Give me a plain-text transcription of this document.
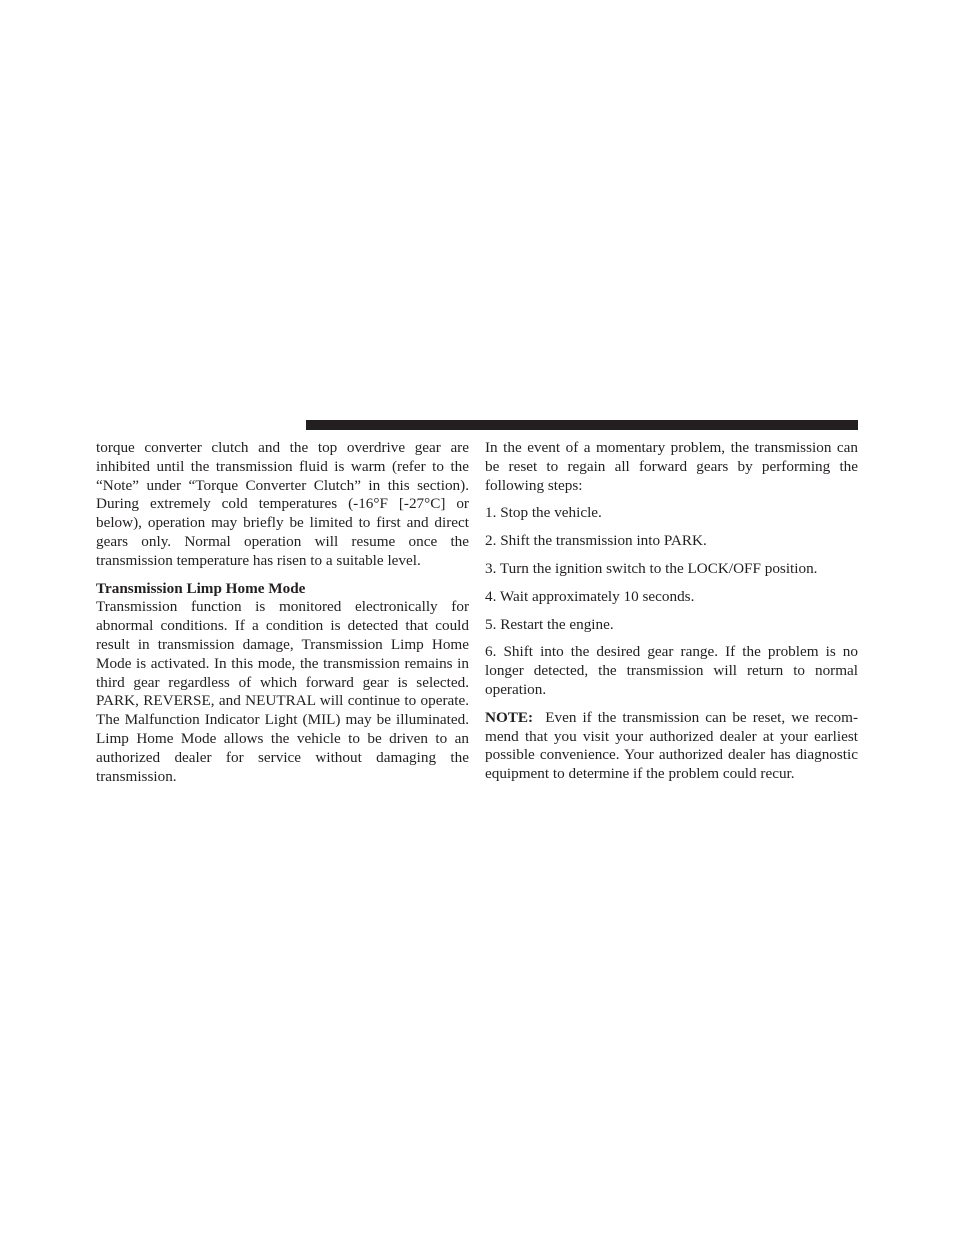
torque converter clutch and the top overdrive gear are inhibited until the transmission fluid is warm (refer to the “Note” under “Torque Converter Clutch” in this section). During extremely cold temperatures (-16°F [-27°C] or below), operation may briefly be limited to first and direct gears only. Normal operation will resume once the transmission temperature has risen to a suitable level.

Transmission Limp Home Mode

Transmission function is monitored electronically for abnormal conditions. If a condition is detected that could result in transmission damage, Transmission Limp Home Mode is activated. In this mode, the transmission remains in third gear regardless of which forward gear is selected. PARK, REVERSE, and NEUTRAL will continue to operate. The Malfunction Indicator Light (MIL) may be illuminated. Limp Home Mode allows the vehicle to be driven to an authorized dealer for service without damaging the transmission.

In the event of a momentary problem, the transmission can be reset to regain all forward gears by performing the following steps:

1. Stop the vehicle.

2. Shift the transmission into PARK.

3. Turn the ignition switch to the LOCK/OFF position.

4. Wait approximately 10 seconds.

5. Restart the engine.

6. Shift into the desired gear range. If the problem is no longer detected, the transmission will return to normal operation.

NOTE: Even if the transmission can be reset, we recommend that you visit your authorized dealer at your earliest possible convenience. Your authorized dealer has diagnostic equipment to determine if the problem could recur.
